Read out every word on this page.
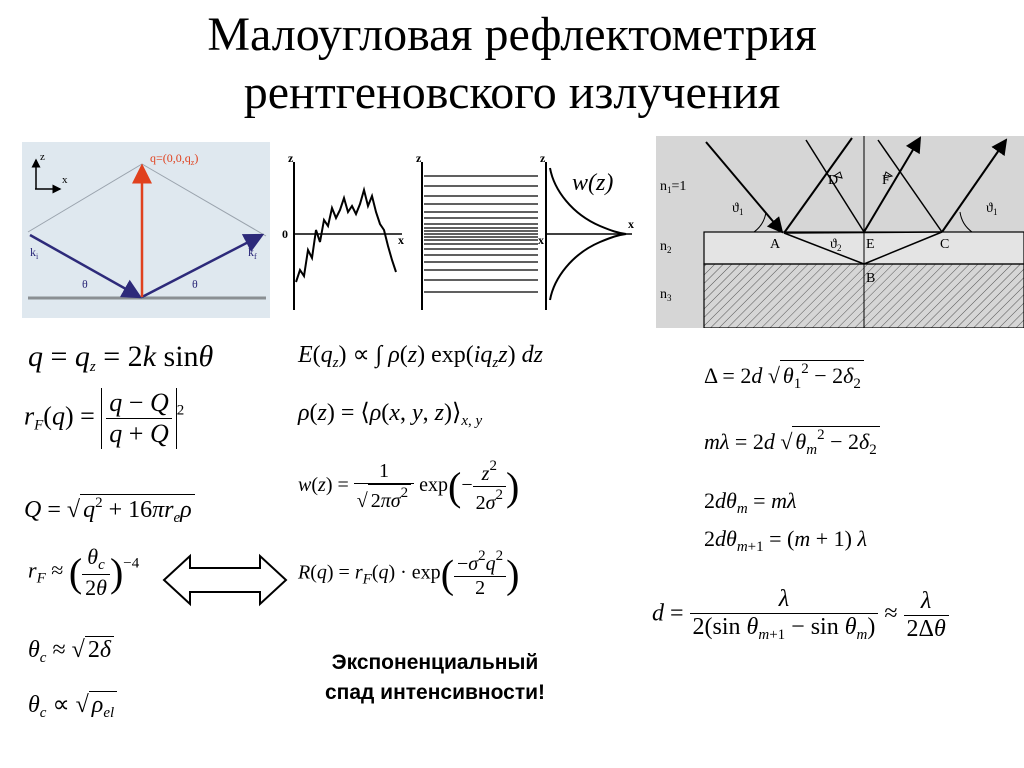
Малоугловая рефлектометрия
рентгеновского излучения
z
x
$q=(0,0,q_z)$
$k_i$	$k_f$
θ	θ
z
0	x
z
x
z
x
w(z)	$n_1=1$
$n_2$
$n_3$
$ϑ_1$	$ϑ_1$
$ϑ_2$
A
B
C
D
E
F
$q = q_z = 2k$ sinθ
$r_F(q) = \frac{q - Q}{q + Q} ^2$
Q = √ $q^2 + 16\pi r_e\rho$
$r_F$ ≈ ( $\frac{\theta_c}{2\theta} )^{-4}$
$\theta_c$ ≈ √ 2δ
$\theta_c$ ∝ √ $\rho_{el}$
$E(q_z)$ ∝ ∫ ρ(z) $\exp(iq_zz)$ dz
ρ(z) = ⟨ρ(x, y, $z)⟩_{x, y}$
$w(z) = \frac{1}{√ 2\pi\sigma^2} \exp(- \frac{z^2}{2\sigma^2}$ )
$R(q) = r_F(q) \cdot \exp( \frac{-\sigma^2q^2}{2}$ )
Экспоненциальный
спад интенсивности!
Δ = 2d √ $\theta_1^2 - 2\delta_2$
mλ = 2d √ $\theta_m^2 - 2\delta_2$
$2d\theta_m = m\lambda$
$2d\theta_{m+1} = (m + 1)$ λ
$d = \frac{\lambda}{2(\sin \theta_{m+1} - \sin \theta_m)} \approx \frac{\lambda}{2\Delta\theta}$
